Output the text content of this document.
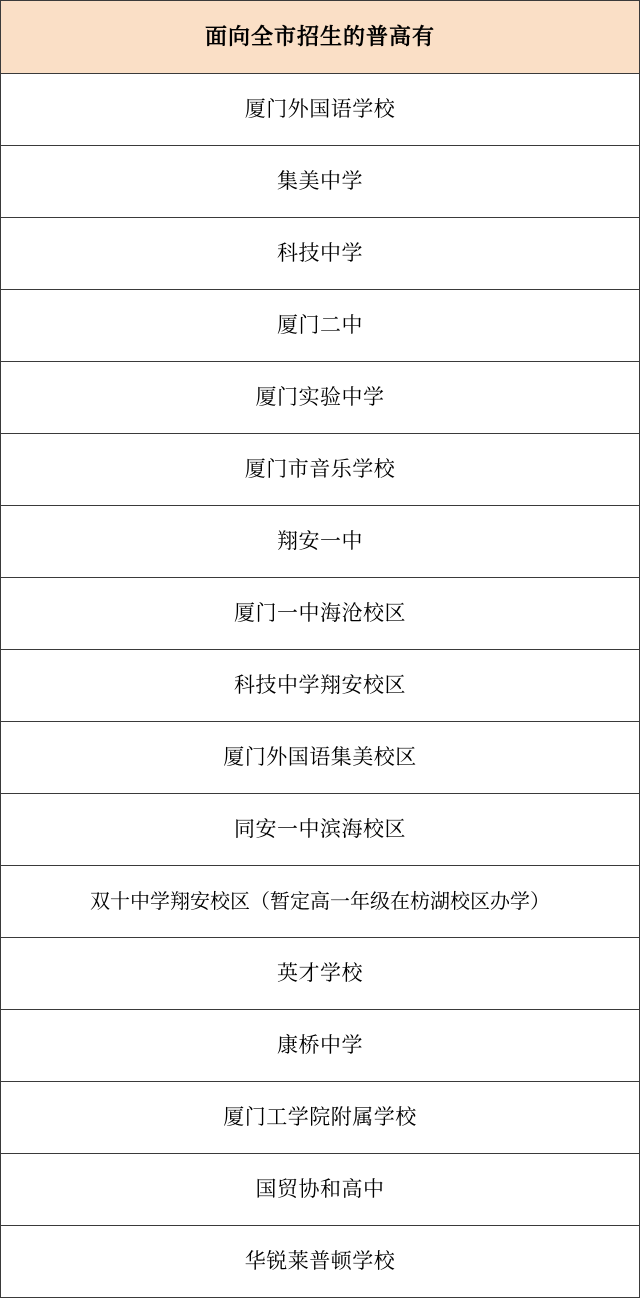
面向全市招生的普高有
厦门外国语学校
集美中学
科技中学
厦门二中
厦门实验中学
厦门市音乐学校
翔安一中
厦门一中海沧校区
科技中学翔安校区
厦门外国语集美校区
同安一中滨海校区
双十中学翔安校区（暂定高一年级在枋湖校区办学）
英才学校
康桥中学
厦门工学院附属学校
国贸协和高中
华锐莱普顿学校
